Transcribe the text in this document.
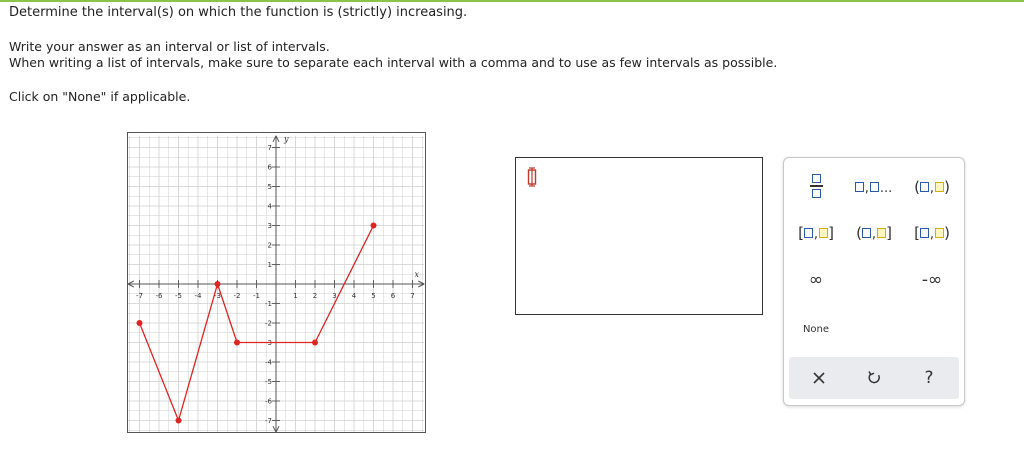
Determine the interval(s) on which the function is (strictly) increasing.
Write your answer as an interval or list of intervals.
When writing a list of intervals, make sure to separate each interval with a comma and to use as few intervals as possible.
Click on "None" if applicable.
-7 -6 -5 -4 -3 -2 -1	1 2 3 4 5 6 7
-7
-6
-5
-4
-3
-2
-1
1
2
3
4
5
6
7
x
y
, ... ( , )
[ , ] ( , ] [ , )
∞	-∞
None
?
